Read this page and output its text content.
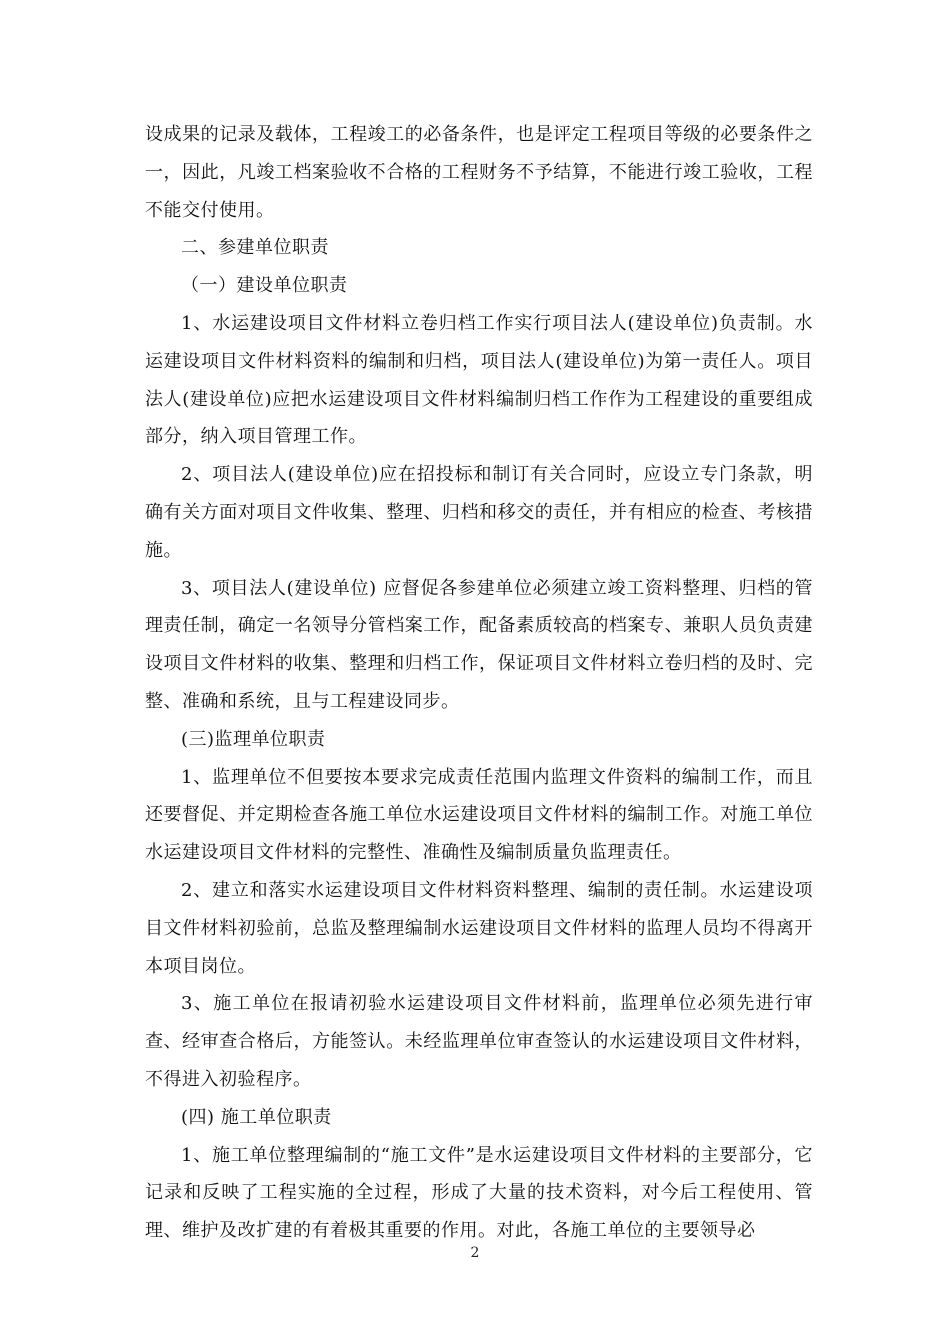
设成果的记录及载体，工程竣工的必备条件，也是评定工程项目等级的必要条件之一，因此，凡竣工档案验收不合格的工程财务不予结算，不能进行竣工验收，工程不能交付使用。

二、参建单位职责

（一）建设单位职责

1、水运建设项目文件材料立卷归档工作实行项目法人(建设单位)负责制。水运建设项目文件材料资料的编制和归档，项目法人(建设单位)为第一责任人。项目法人(建设单位)应把水运建设项目文件材料编制归档工作作为工程建设的重要组成部分，纳入项目管理工作。

2、项目法人(建设单位)应在招投标和制订有关合同时，应设立专门条款，明确有关方面对项目文件收集、整理、归档和移交的责任，并有相应的检查、考核措施。

3、项目法人(建设单位) 应督促各参建单位必须建立竣工资料整理、归档的管理责任制，确定一名领导分管档案工作，配备素质较高的档案专、兼职人员负责建设项目文件材料的收集、整理和归档工作，保证项目文件材料立卷归档的及时、完整、准确和系统，且与工程建设同步。

(三)监理单位职责

1、监理单位不但要按本要求完成责任范围内监理文件资料的编制工作，而且还要督促、并定期检查各施工单位水运建设项目文件材料的编制工作。对施工单位水运建设项目文件材料的完整性、准确性及编制质量负监理责任。

2、建立和落实水运建设项目文件材料资料整理、编制的责任制。水运建设项目文件材料初验前，总监及整理编制水运建设项目文件材料的监理人员均不得离开本项目岗位。

3、施工单位在报请初验水运建设项目文件材料前，监理单位必须先进行审查、经审查合格后，方能签认。未经监理单位审查签认的水运建设项目文件材料，不得进入初验程序。

(四) 施工单位职责

1、施工单位整理编制的“施工文件”是水运建设项目文件材料的主要部分，它记录和反映了工程实施的全过程，形成了大量的技术资料，对今后工程使用、管理、维护及改扩建的有着极其重要的作用。对此，各施工单位的主要领导必

2
